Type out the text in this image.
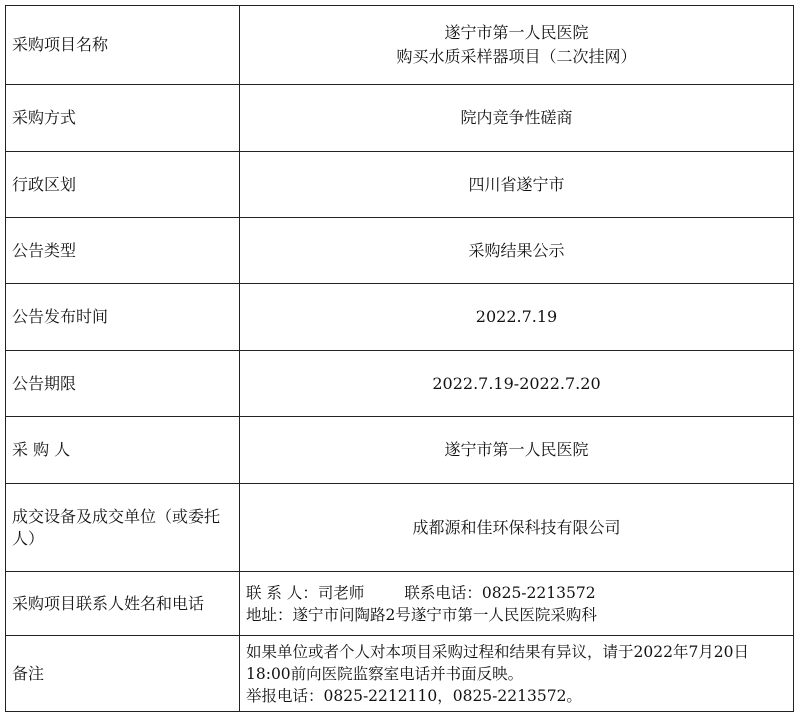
采购项目名称	遂宁市第一人民医院
购买水质采样器项目（二次挂网）

采购方式	院内竞争性磋商
行政区划	四川省遂宁市
公告类型	采购结果公示
公告发布时间	2022.7.19
公告期限	2022.7.19-2022.7.20
采 购 人	遂宁市第一人民医院
成交设备及成交单位（或委托人）	成都源和佳环保科技有限公司
采购项目联系人姓名和电话	联 系 人：司老师 联系电话：0825-2213572
地址：遂宁市问陶路2号遂宁市第一人民医院采购科

备注	如果单位或者个人对本项目采购过程和结果有异议，请于2022年7月20日18:00前向医院监察室电话并书面反映。
举报电话：0825-2212110，0825-2213572。
